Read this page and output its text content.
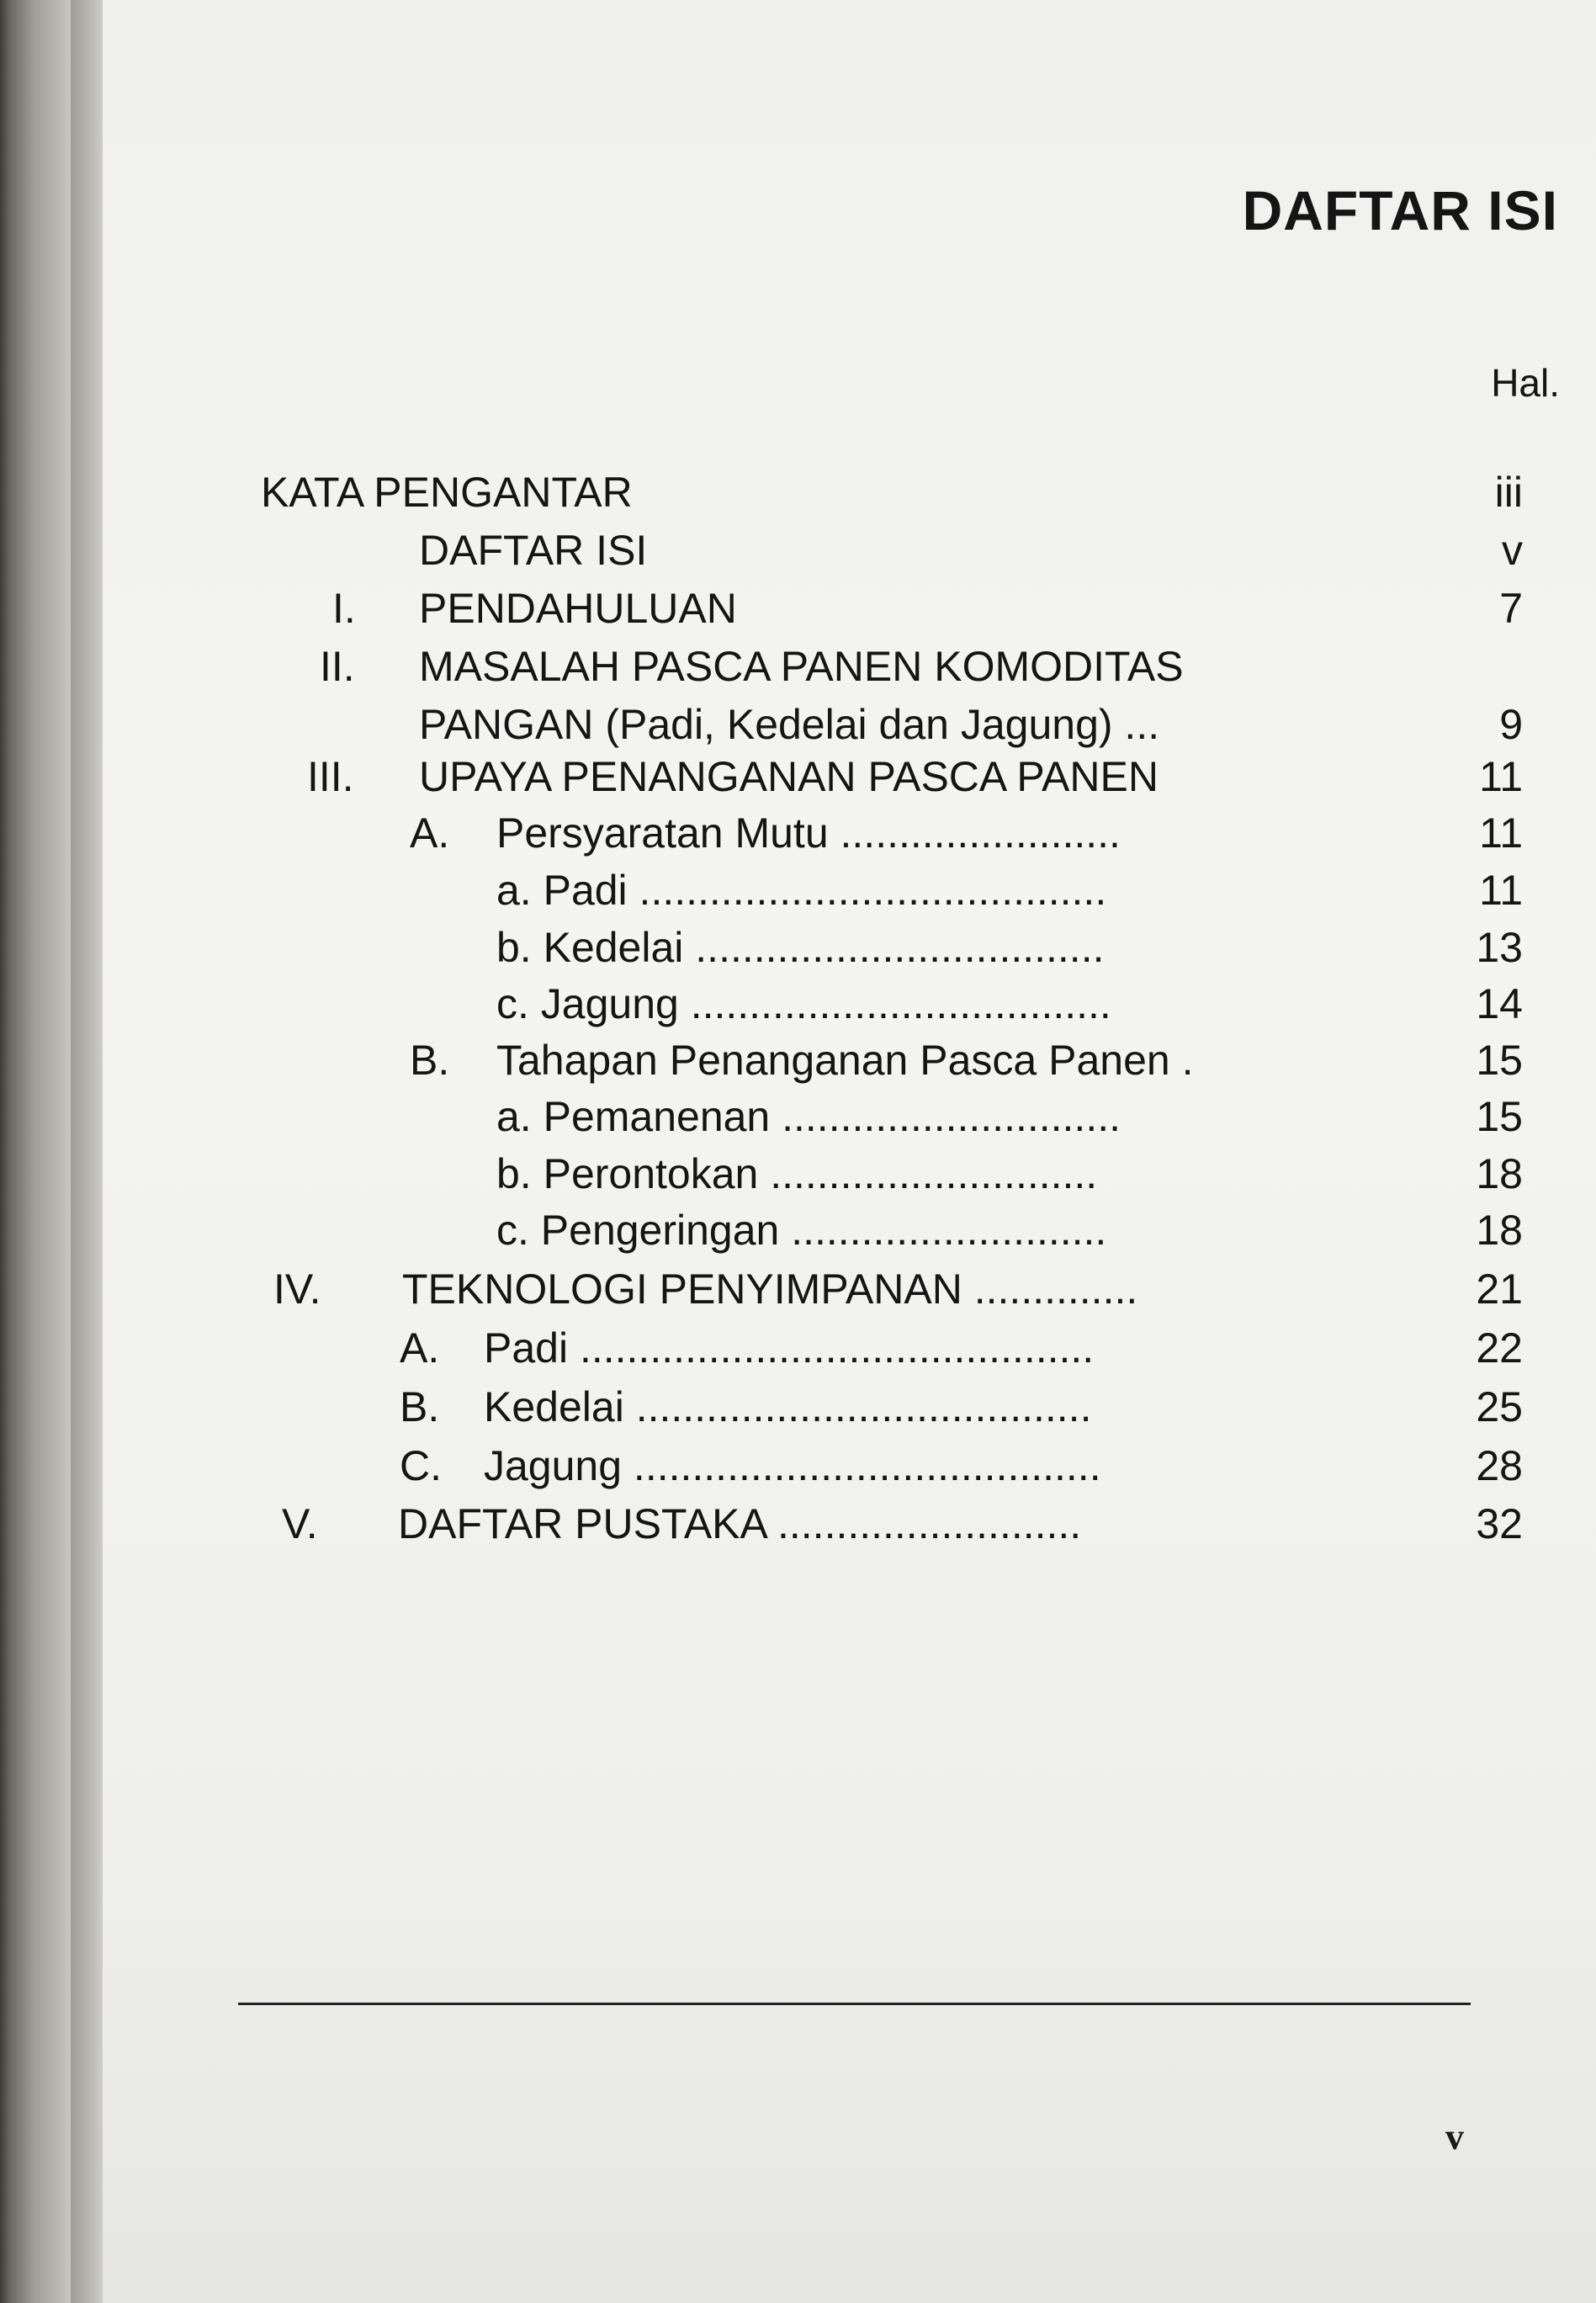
DAFTAR ISI
Hal.
KATA PENGANTAR	iii
DAFTAR ISI	v
I. PENDAHULUAN	7
II. MASALAH PASCA PANEN KOMODITAS
PANGAN (Padi, Kedelai dan Jagung) ...	9
III. UPAYA PENANGANAN PASCA PANEN	11
A. Persyaratan Mutu ........................	11
a. Padi ........................................	11
b. Kedelai ...................................	13
c. Jagung ....................................	14
B. Tahapan Penanganan Pasca Panen .	15
a. Pemanenan .............................	15
b. Perontokan ............................	18
c. Pengeringan ...........................	18
IV. TEKNOLOGI PENYIMPANAN ..............	21
A. Padi ............................................	22
B. Kedelai .......................................	25
C. Jagung ........................................	28
V. DAFTAR PUSTAKA ..........................	32
v
